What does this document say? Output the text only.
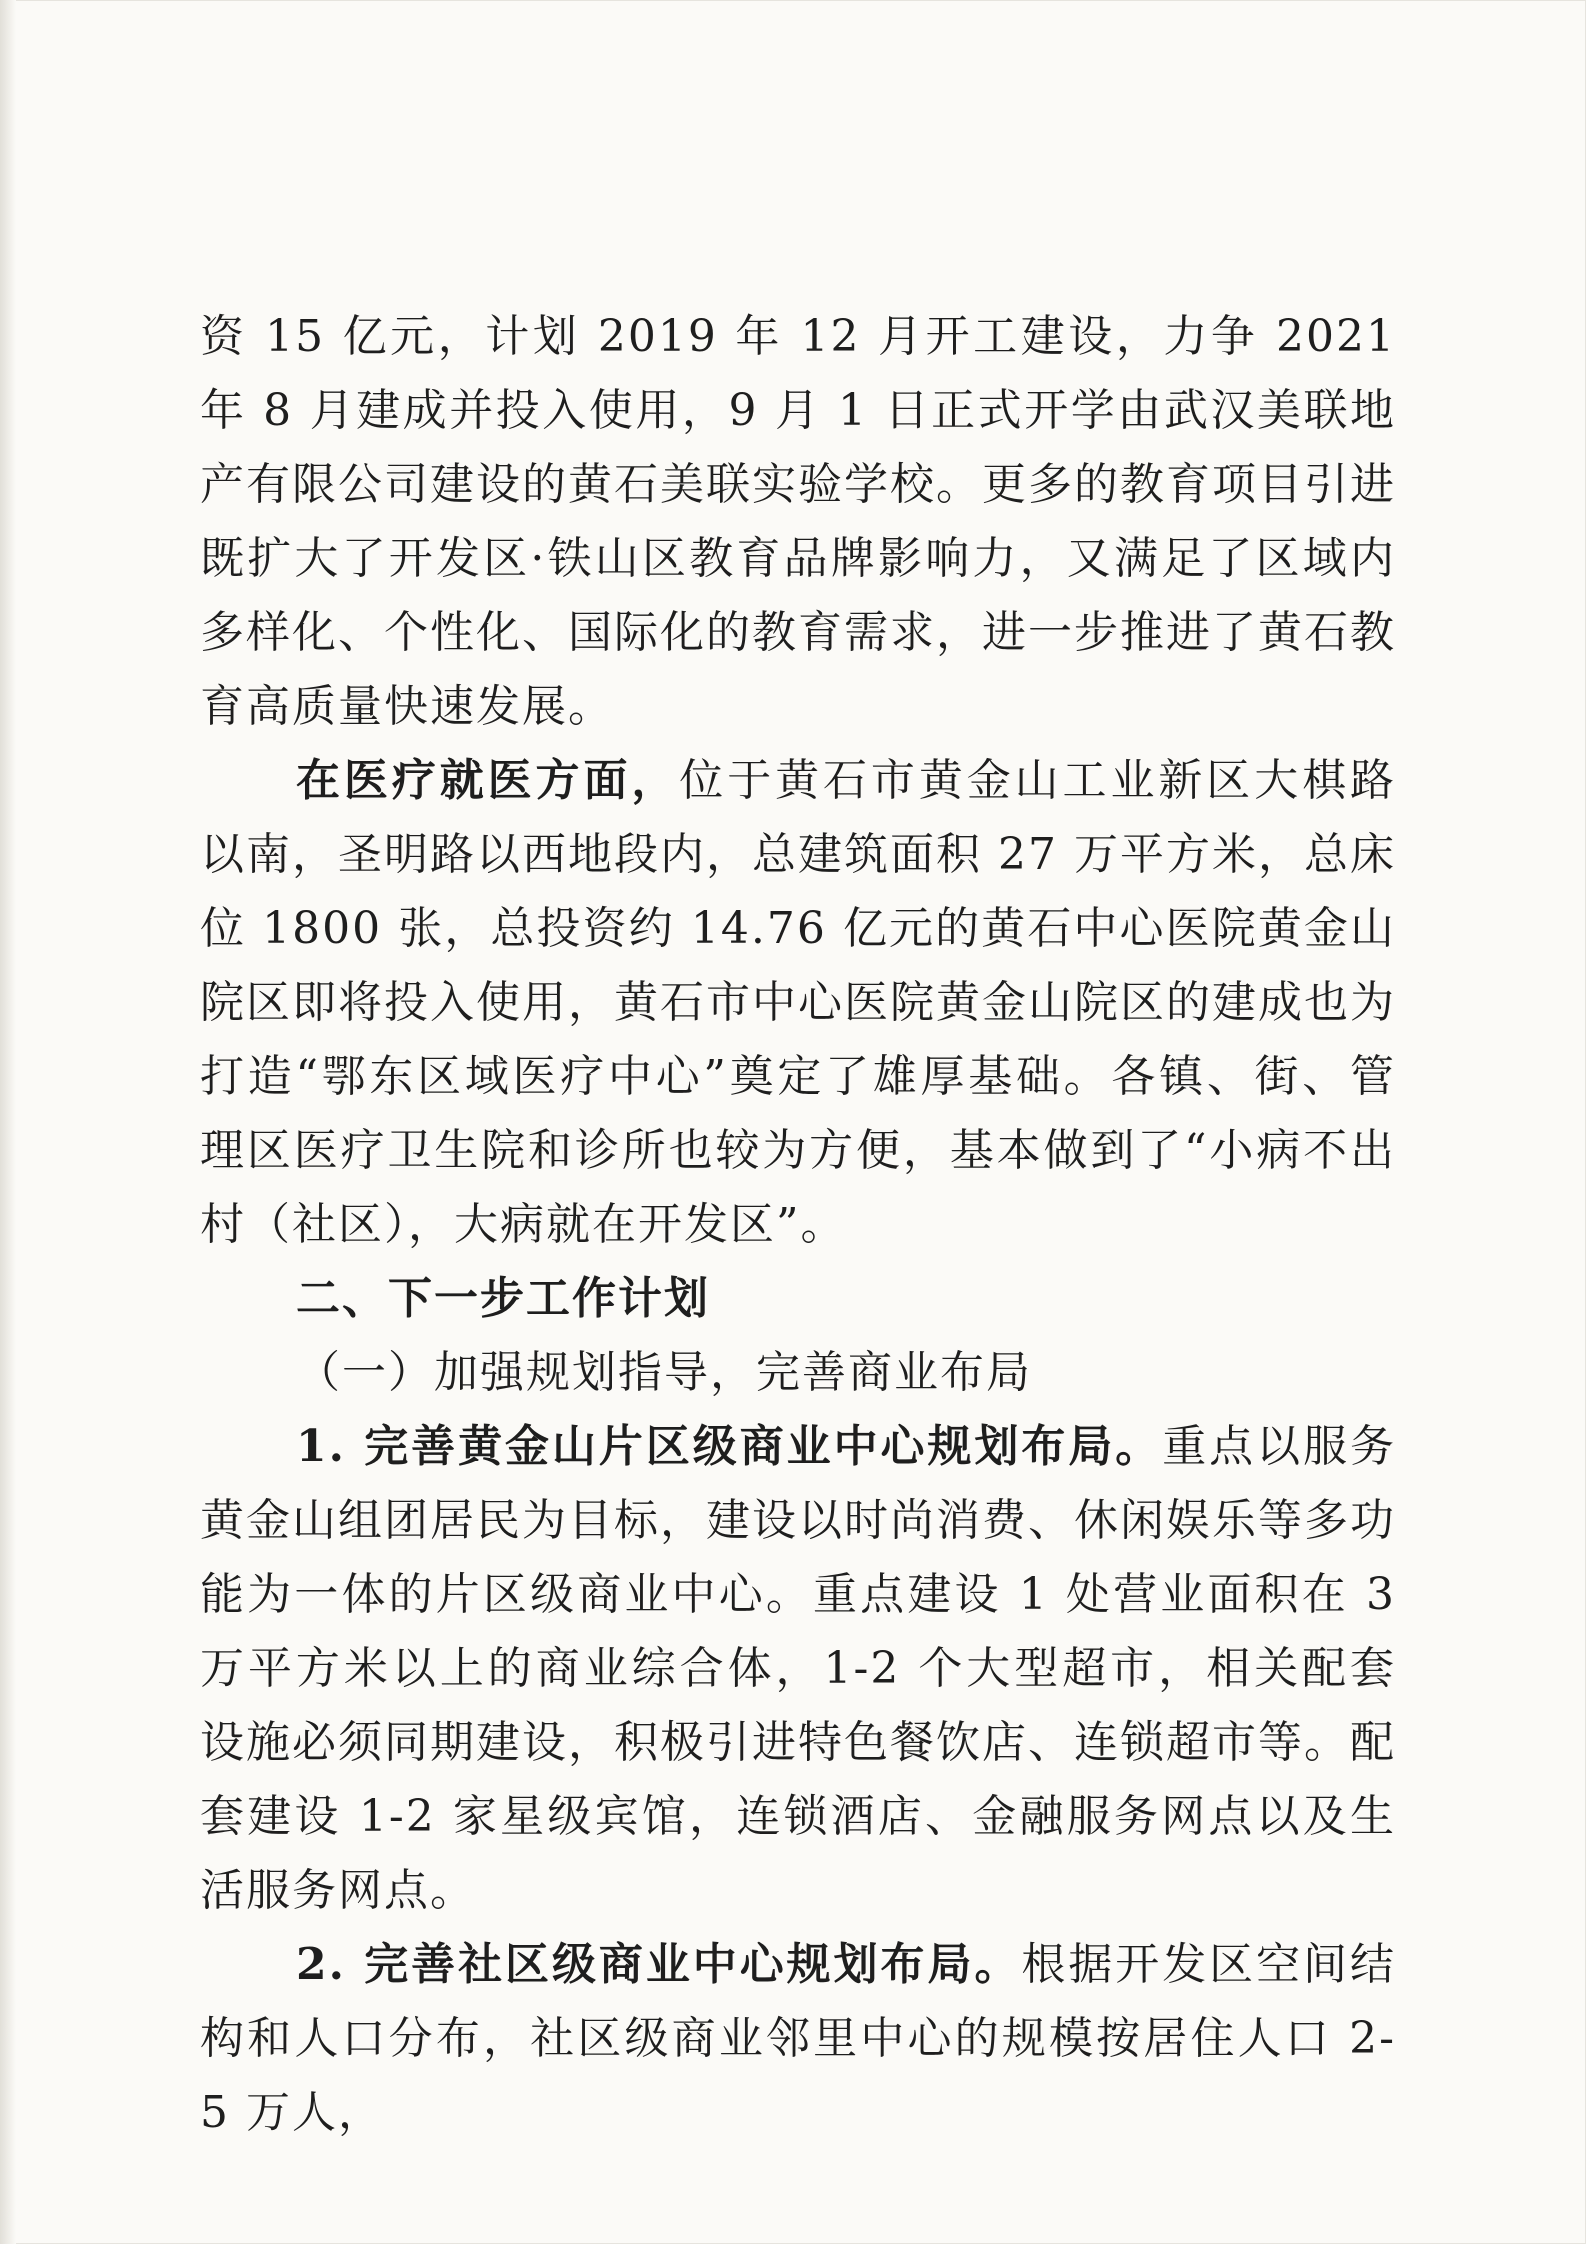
资 15 亿元，计划 2019 年 12 月开工建设，力争 2021 年 8 月建成并投入使用，9 月 1 日正式开学由武汉美联地产有限公司建设的黄石美联实验学校。更多的教育项目引进既扩大了开发区·铁山区教育品牌影响力，又满足了区域内多样化、个性化、国际化的教育需求，进一步推进了黄石教育高质量快速发展。

在医疗就医方面，位于黄石市黄金山工业新区大棋路以南，圣明路以西地段内，总建筑面积 27 万平方米，总床位 1800 张，总投资约 14.76 亿元的黄石中心医院黄金山院区即将投入使用，黄石市中心医院黄金山院区的建成也为打造“鄂东区域医疗中心”奠定了雄厚基础。各镇、街、管理区医疗卫生院和诊所也较为方便，基本做到了“小病不出村（社区），大病就在开发区”。

二、下一步工作计划

（一）加强规划指导，完善商业布局

1. 完善黄金山片区级商业中心规划布局。重点以服务黄金山组团居民为目标，建设以时尚消费、休闲娱乐等多功能为一体的片区级商业中心。重点建设 1 处营业面积在 3 万平方米以上的商业综合体，1-2 个大型超市，相关配套设施必须同期建设，积极引进特色餐饮店、连锁超市等。配套建设 1-2 家星级宾馆，连锁酒店、金融服务网点以及生活服务网点。

2. 完善社区级商业中心规划布局。根据开发区空间结构和人口分布，社区级商业邻里中心的规模按居住人口 2-5 万人，
